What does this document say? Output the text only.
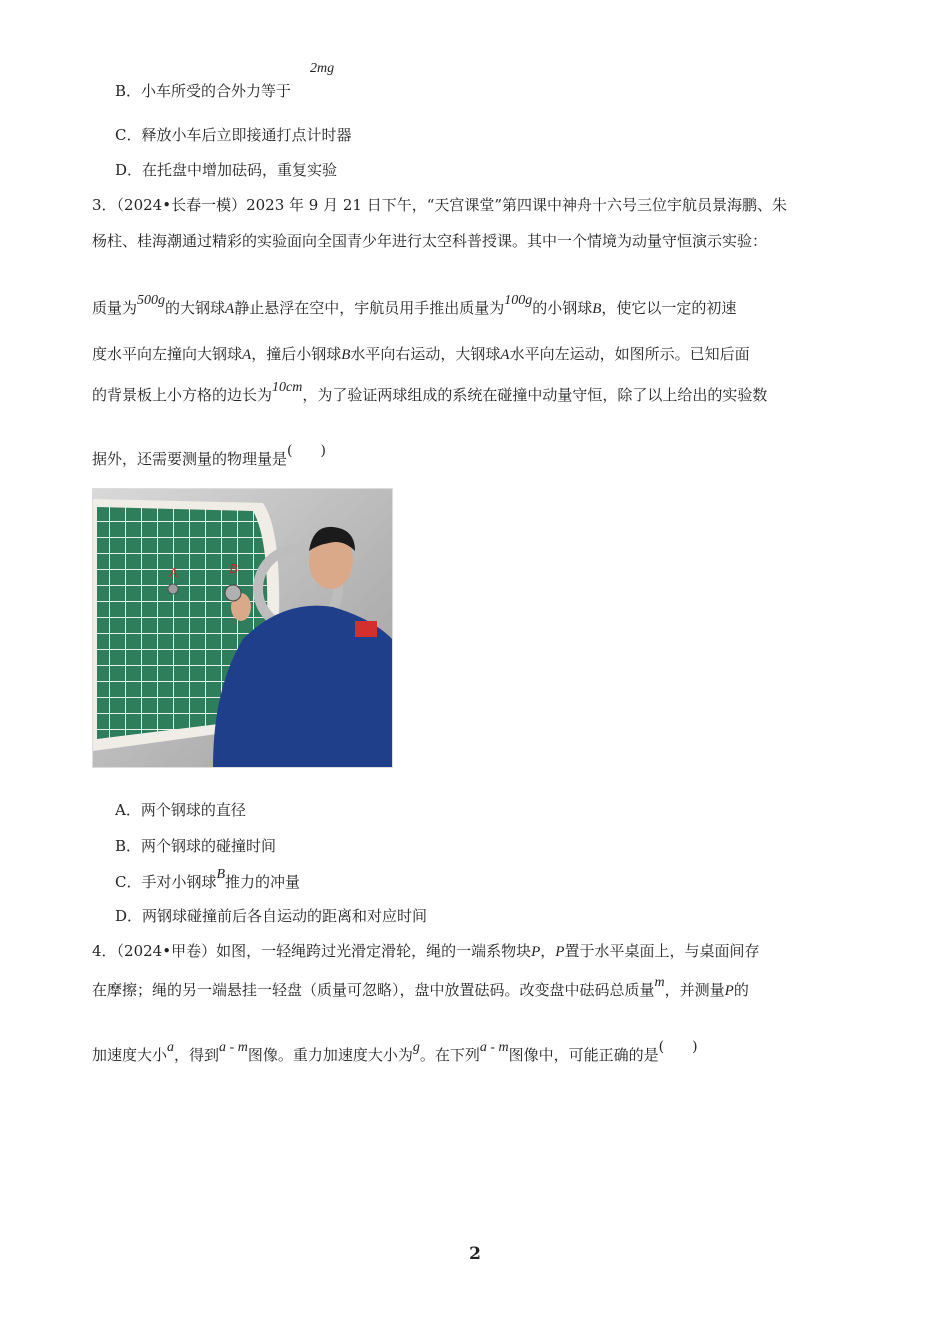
2mg
B．小车所受的合外力等于
C．释放小车后立即接通打点计时器
D．在托盘中增加砝码，重复实验
3．（2024•长春一模）2023 年 9 月 21 日下午，“天宫课堂”第四课中神舟十六号三位宇航员景海鹏、朱
杨柱、桂海潮通过精彩的实验面向全国青少年进行太空科普授课。其中一个情境为动量守恒演示实验：
质量为500g的大钢球A静止悬浮在空中，宇航员用手推出质量为100g的小钢球B，使它以一定的初速
度水平向左撞向大钢球A，撞后小钢球B水平向右运动，大钢球A水平向左运动，如图所示。已知后面
的背景板上小方格的边长为10cm，为了验证两球组成的系统在碰撞中动量守恒，除了以上给出的实验数
据外，还需要测量的物理量是(　　)
A	B
A．两个钢球的直径
B．两个钢球的碰撞时间
C．手对小钢球B推力的冲量
D．两钢球碰撞前后各自运动的距离和对应时间
4．（2024•甲卷）如图，一轻绳跨过光滑定滑轮，绳的一端系物块P，P置于水平桌面上，与桌面间存
在摩擦；绳的另一端悬挂一轻盘（质量可忽略），盘中放置砝码。改变盘中砝码总质量m，并测量P的
加速度大小a，得到a - m图像。重力加速度大小为g。在下列a - m图像中，可能正确的是(　　)
2
